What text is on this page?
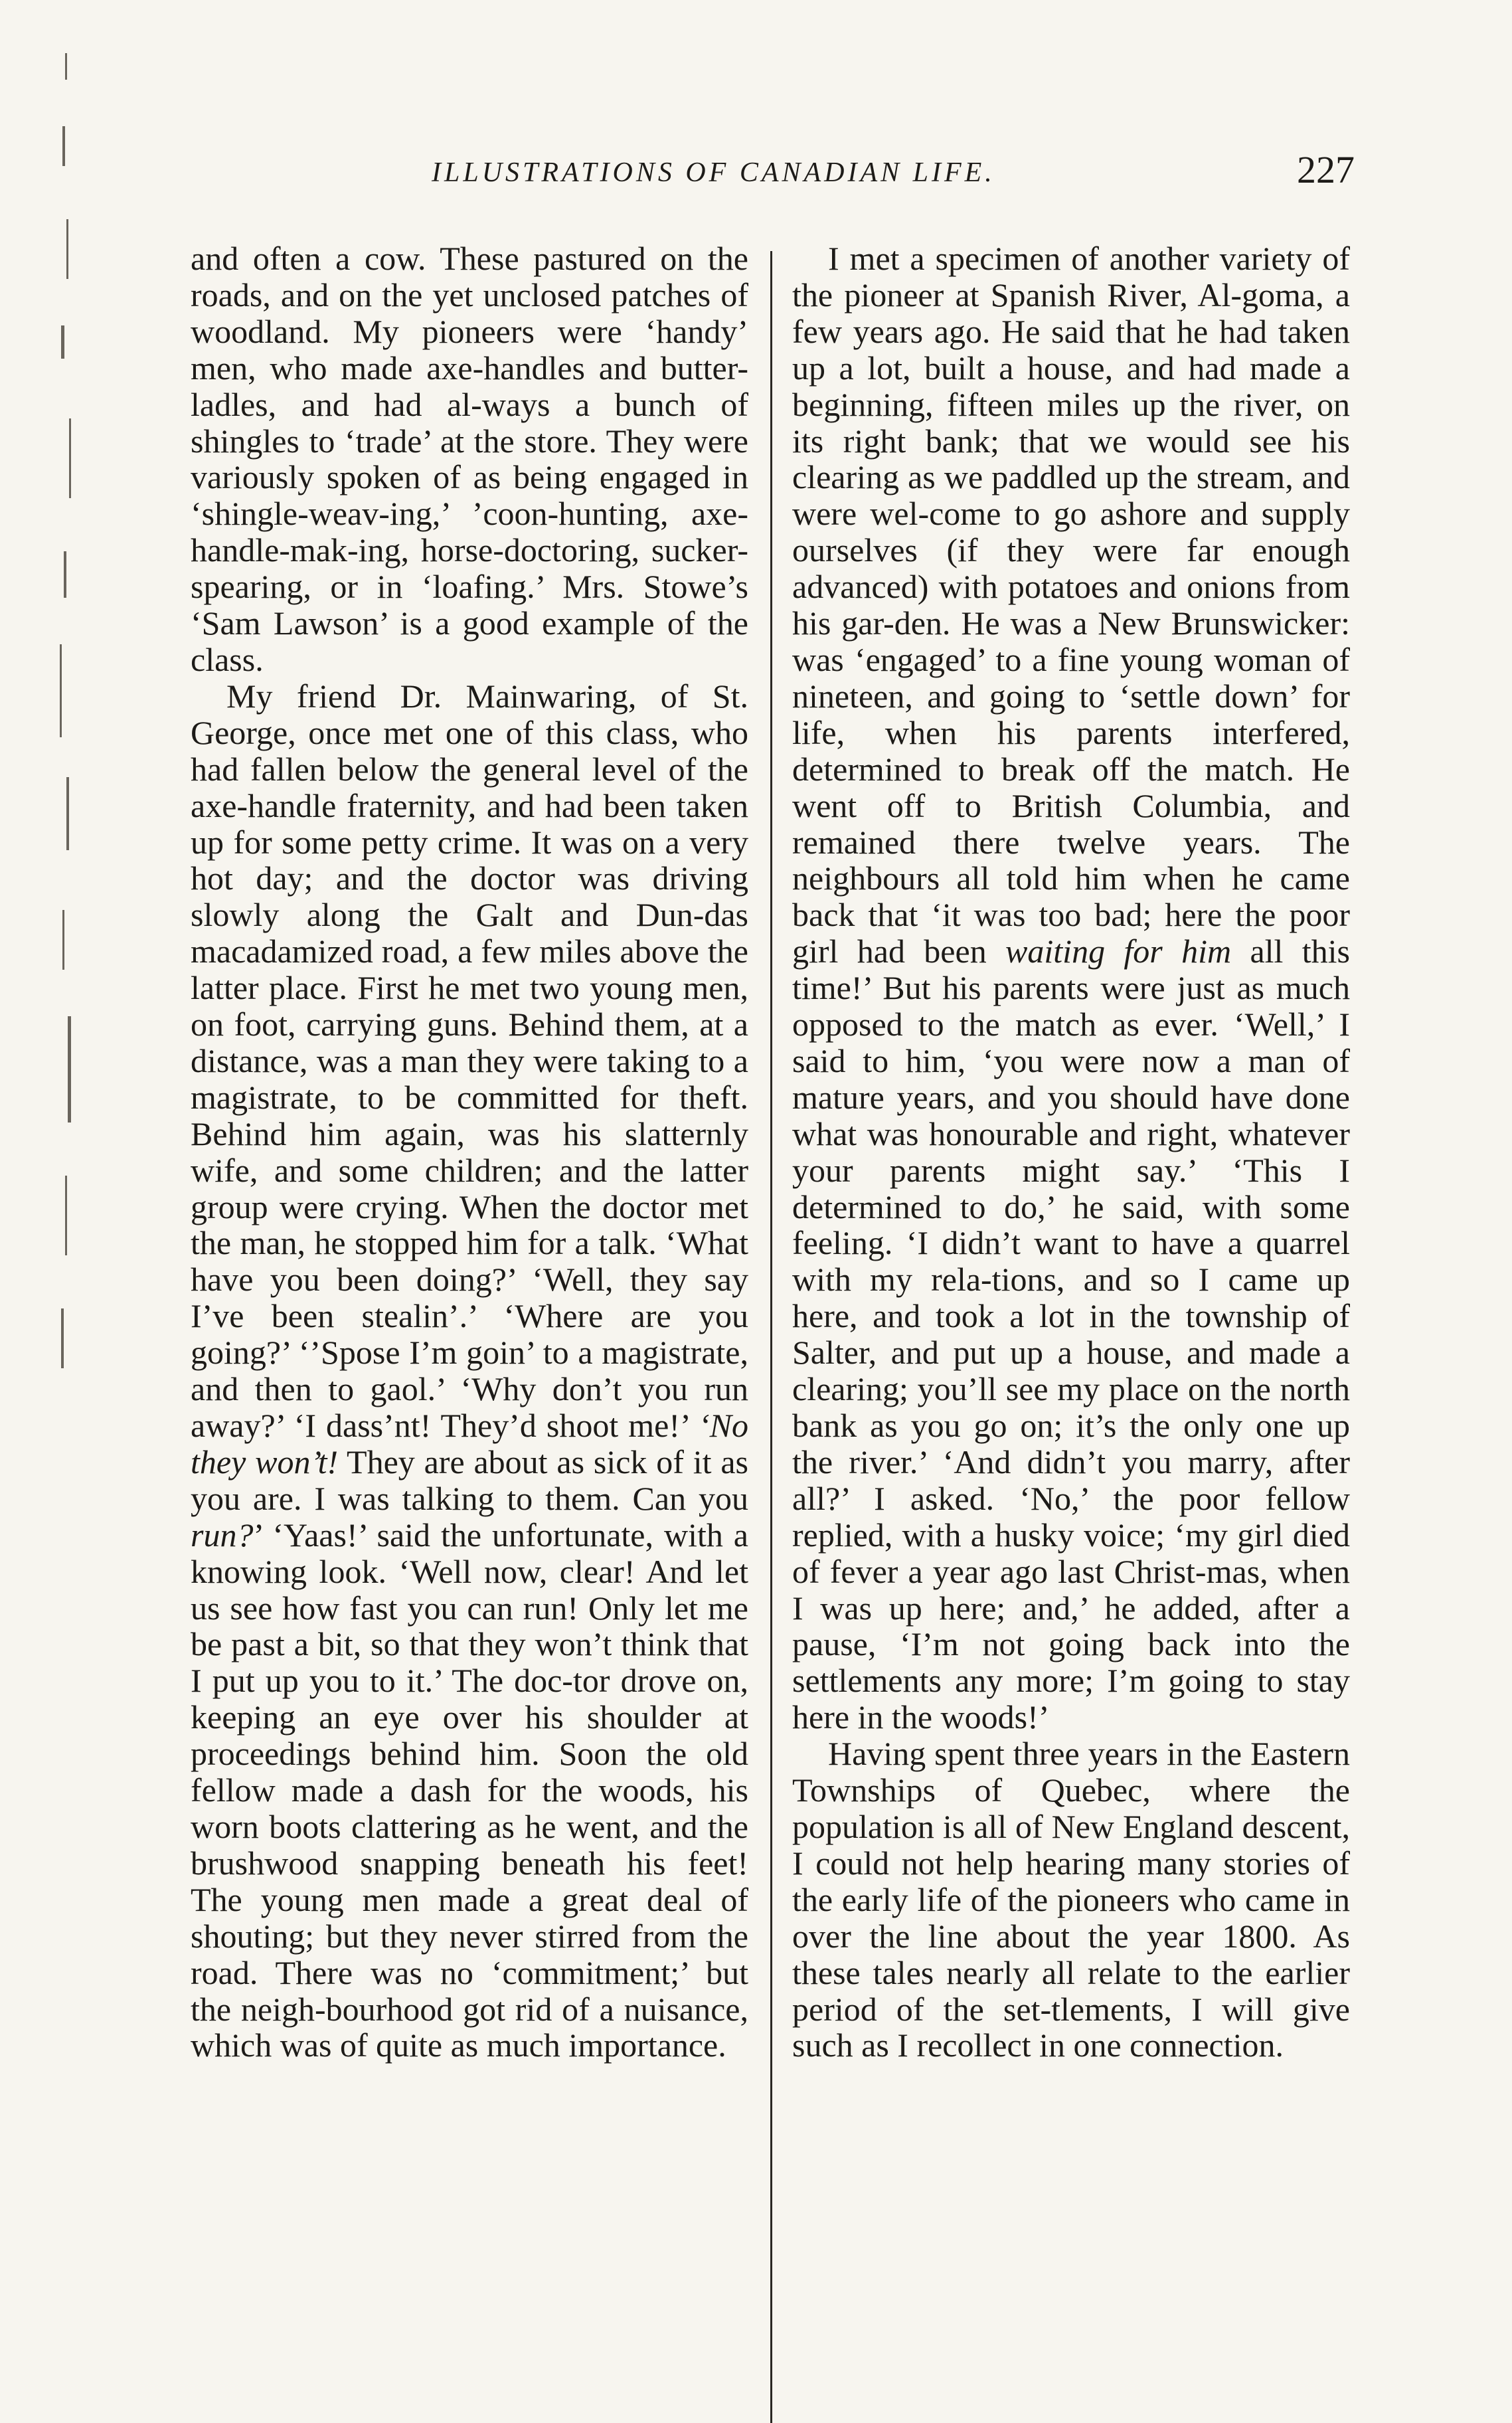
ILLUSTRATIONS OF CANADIAN LIFE.	227

and often a cow. These pastured on the roads, and on the yet unclosed patches of woodland. My pioneers were ‘handy’ men, who made axe-handles and butter-ladles, and had al-ways a bunch of shingles to ‘trade’ at the store. They were variously spoken of as being engaged in ‘shingle-weav-ing,’ ’coon-hunting, axe-handle-mak-ing, horse-doctoring, sucker-spearing, or in ‘loafing.’ Mrs. Stowe’s ‘Sam Lawson’ is a good example of the class.

My friend Dr. Mainwaring, of St. George, once met one of this class, who had fallen below the general level of the axe-handle fraternity, and had been taken up for some petty crime. It was on a very hot day; and the doctor was driving slowly along the Galt and Dun-das macadamized road, a few miles above the latter place. First he met two young men, on foot, carrying guns. Behind them, at a distance, was a man they were taking to a magistrate, to be committed for theft. Behind him again, was his slatternly wife, and some children; and the latter group were crying. When the doctor met the man, he stopped him for a talk. ‘What have you been doing?’ ‘Well, they say I’ve been stealin’.’ ‘Where are you going?’ ‘’Spose I’m goin’ to a magistrate, and then to gaol.’ ‘Why don’t you run away?’ ‘I dass’nt! They’d shoot me!’ ‘No they won’t! They are about as sick of it as you are. I was talking to them. Can you run?’ ‘Yaas!’ said the unfortunate, with a knowing look. ‘Well now, clear! And let us see how fast you can run! Only let me be past a bit, so that they won’t think that I put up you to it.’ The doc-tor drove on, keeping an eye over his shoulder at proceedings behind him. Soon the old fellow made a dash for the woods, his worn boots clattering as he went, and the brushwood snapping beneath his feet! The young men made a great deal of shouting; but they never stirred from the road. There was no ‘commitment;’ but the neigh-bourhood got rid of a nuisance, which was of quite as much importance.

I met a specimen of another variety of the pioneer at Spanish River, Al-goma, a few years ago. He said that he had taken up a lot, built a house, and had made a beginning, fifteen miles up the river, on its right bank; that we would see his clearing as we paddled up the stream, and were wel-come to go ashore and supply ourselves (if they were far enough advanced) with potatoes and onions from his gar-den. He was a New Brunswicker: was ‘engaged’ to a fine young woman of nineteen, and going to ‘settle down’ for life, when his parents interfered, determined to break off the match. He went off to British Columbia, and remained there twelve years. The neighbours all told him when he came back that ‘it was too bad; here the poor girl had been waiting for him all this time!’ But his parents were just as much opposed to the match as ever. ‘Well,’ I said to him, ‘you were now a man of mature years, and you should have done what was honourable and right, whatever your parents might say.’ ‘This I determined to do,’ he said, with some feeling. ‘I didn’t want to have a quarrel with my rela-tions, and so I came up here, and took a lot in the township of Salter, and put up a house, and made a clearing; you’ll see my place on the north bank as you go on; it’s the only one up the river.’ ‘And didn’t you marry, after all?’ I asked. ‘No,’ the poor fellow replied, with a husky voice; ‘my girl died of fever a year ago last Christ-mas, when I was up here; and,’ he added, after a pause, ‘I’m not going back into the settlements any more; I’m going to stay here in the woods!’

Having spent three years in the Eastern Townships of Quebec, where the population is all of New England descent, I could not help hearing many stories of the early life of the pioneers who came in over the line about the year 1800. As these tales nearly all relate to the earlier period of the set-tlements, I will give such as I recollect in one connection.
